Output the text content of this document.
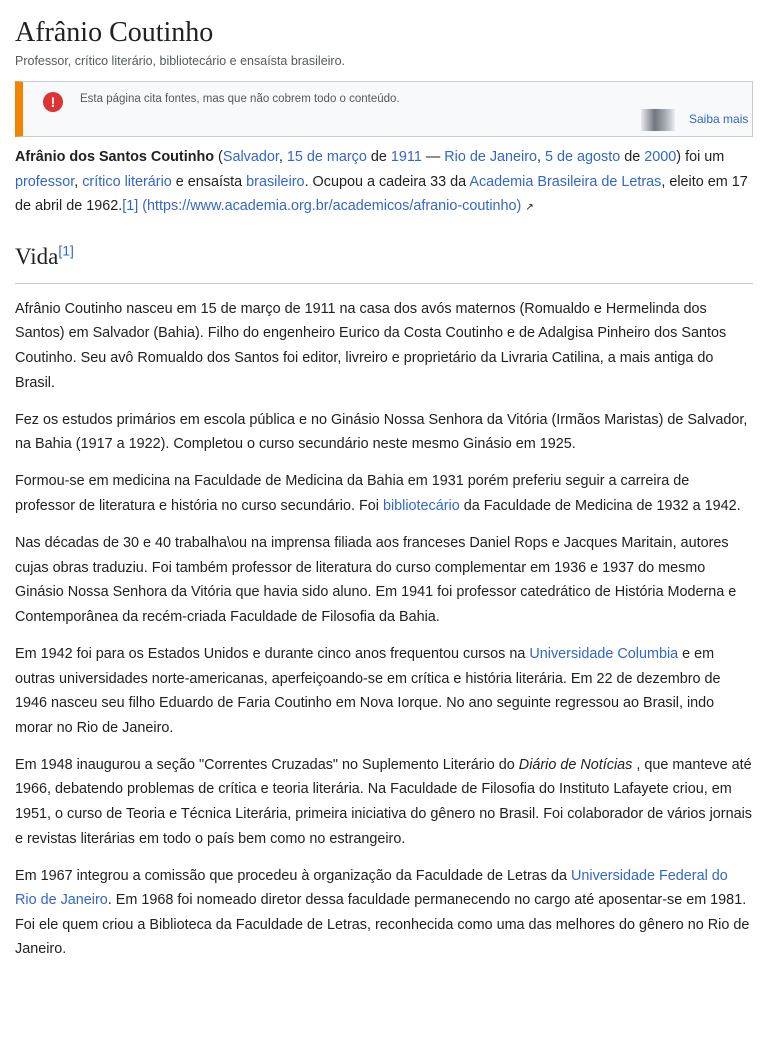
Afrânio Coutinho
Professor, crítico literário, bibliotecário e ensaísta brasileiro.
!	Esta página cita fontes, mas que não cobrem todo o conteúdo.
Saiba mais

Afrânio dos Santos Coutinho (Salvador, 15 de março de 1911 — Rio de Janeiro, 5 de agosto de 2000) foi um professor, crítico literário e ensaísta brasileiro. Ocupou a cadeira 33 da Academia Brasileira de Letras, eleito em 17 de abril de 1962.[1] (https://www.academia.org.br/academicos/afranio-coutinho) ↗

Vida[1]

Afrânio Coutinho nasceu em 15 de março de 1911 na casa dos avós maternos (Romualdo e Hermelinda dos Santos) em Salvador (Bahia). Filho do engenheiro Eurico da Costa Coutinho e de Adalgisa Pinheiro dos Santos Coutinho. Seu avô Romualdo dos Santos foi editor, livreiro e proprietário da Livraria Catilina, a mais antiga do Brasil.

Fez os estudos primários em escola pública e no Ginásio Nossa Senhora da Vitória (Irmãos Maristas) de Salvador, na Bahia (1917 a 1922). Completou o curso secundário neste mesmo Ginásio em 1925.

Formou-se em medicina na Faculdade de Medicina da Bahia em 1931 porém preferiu seguir a carreira de professor de literatura e história no curso secundário. Foi bibliotecário da Faculdade de Medicina de 1932 a 1942.

Nas décadas de 30 e 40 trabalha\ou na imprensa filiada aos franceses Daniel Rops e Jacques Maritain, autores cujas obras traduziu. Foi também professor de literatura do curso complementar em 1936 e 1937 do mesmo Ginásio Nossa Senhora da Vitória que havia sido aluno. Em 1941 foi professor catedrático de História Moderna e Contemporânea da recém-criada Faculdade de Filosofia da Bahia.

Em 1942 foi para os Estados Unidos e durante cinco anos frequentou cursos na Universidade Columbia e em outras universidades norte-americanas, aperfeiçoando-se em crítica e história literária. Em 22 de dezembro de 1946 nasceu seu filho Eduardo de Faria Coutinho em Nova Iorque. No ano seguinte regressou ao Brasil, indo morar no Rio de Janeiro.

Em 1948 inaugurou a seção "Correntes Cruzadas" no Suplemento Literário do Diário de Notícias , que manteve até 1966, debatendo problemas de crítica e teoria literária. Na Faculdade de Filosofia do Instituto Lafayete criou, em 1951, o curso de Teoria e Técnica Literária, primeira iniciativa do gênero no Brasil. Foi colaborador de vários jornais e revistas literárias em todo o país bem como no estrangeiro.

Em 1967 integrou a comissão que procedeu à organização da Faculdade de Letras da Universidade Federal do Rio de Janeiro. Em 1968 foi nomeado diretor dessa faculdade permanecendo no cargo até aposentar-se em 1981. Foi ele quem criou a Biblioteca da Faculdade de Letras, reconhecida como uma das melhores do gênero no Rio de Janeiro.
